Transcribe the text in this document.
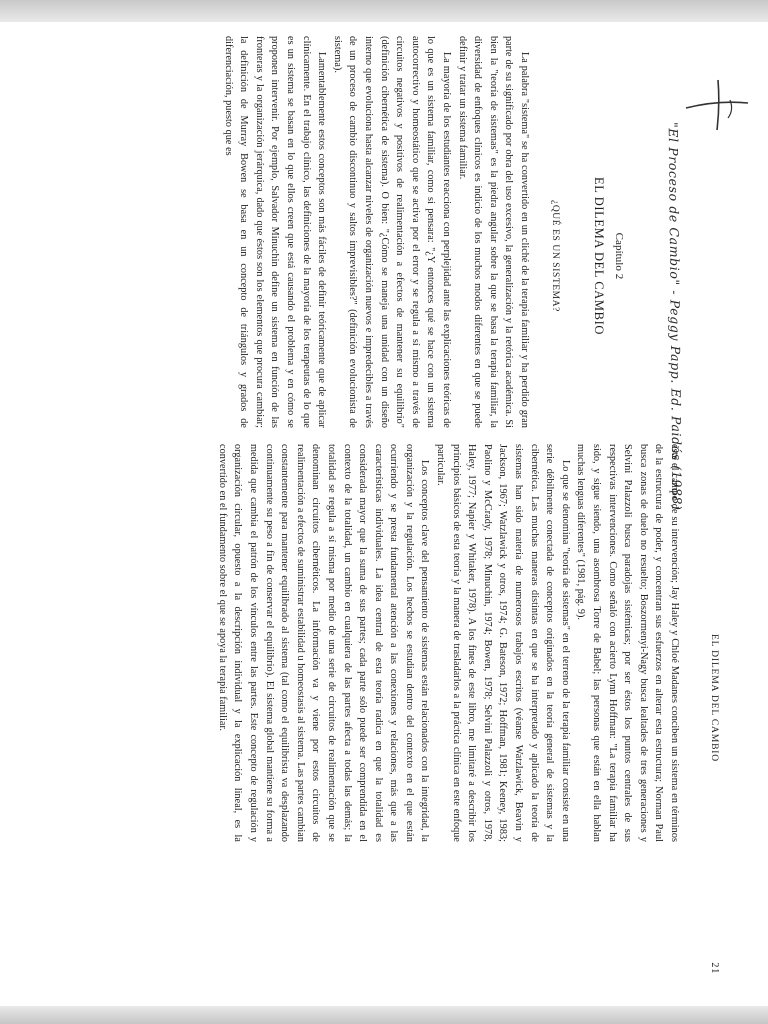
"El Proceso de Cambio" - Peggy Papp. Ed. Paidós (1988)
Capítulo 2
EL DILEMA DEL CAMBIO
¿QUÉ ES UN SISTEMA?

La palabra "sistema" se ha convertido en un cliché de la terapia familiar y ha perdido gran parte de su significado por obra del uso excesivo, la generalización y la retórica académica. Si bien la "teoría de sistemas" es la piedra angular sobre la que se basa la terapia familiar, la diversidad de enfoques clínicos es indicio de los muchos modos diferentes en que se puede definir y tratar un sistema familiar.

La mayoría de los estudiantes reacciona con perplejidad ante las explicaciones teóricas de lo que es un sistema familiar, como si pensara: "¿Y entonces qué se hace con un sistema autocorrectivo y homeostático que se activa por el error y se regula a sí mismo a través de circuitos negativos y positivos de realimentación a efectos de mantener su equilibrio" (definición cibernética de sistema). O bien: "¿Cómo se maneja una unidad con un diseño interno que evoluciona hasta alcanzar niveles de organización nuevos e impredecibles a través de un proceso de cambio discontinuo y saltos imprevisibles?" (definición evolucionista de sistema).

Lamentablemente estos conceptos son más fáciles de definir teóricamente que de aplicar clínicamente. En el trabajo clínico, las definiciones de la mayoría de los terapeutas de lo que es un sistema se basan en lo que ellos creen que está causando el problema y en cómo se proponen intervenir. Por ejemplo, Salvador Minuchin define un sistema en función de las fronteras y la organización jerárquica, dado que éstos son los elementos que procura cambiar; la definición de Murray Bowen se basa en un concepto de triángulos y grados de diferenciación, puesto que es

EL DILEMA DEL CAMBIO
21

éste el campo de su intervención; Jay Haley y Chloé Madanes conciben un sistema en términos de la estructura de poder, y concentran sus esfuerzos en alterar esta estructura; Norman Paul busca zonas de duelo no resuelto; Boszormenyi-Nagy busca lealtades de tres generaciones y Selvini Palazzoli busca paradojas sistémicas; por ser éstos los puntos centrales de sus respectivas intervenciones. Como señaló con acierto Lynn Hoffman: "La terapia familiar ha sido, y sigue siendo, una asombrosa Torre de Babel; las personas que están en ella hablan muchas lenguas diferentes" (1981, pág. 9).

Lo que se denomina "teoría de sistemas" en el terreno de la terapia familiar consiste en una serie débilmente conectada de conceptos originados en la teoría general de sistemas y la cibernética. Las muchas maneras distintas en que se ha interpretado y aplicado la teoría de sistemas han sido materia de numerosos trabajos escritos (véanse Watzlawick, Beavin y Jackson, 1967; Watzlawick y otros, 1974; G. Bateson, 1972; Hoffman, 1981; Keeney, 1983; Paolino y McCrady, 1978; Minuchin, 1974; Bowen, 1978; Selvini Palazzoli y otros, 1978, Haley, 1977; Napier y Whitaker, 1978). A los fines de este libro, me limitaré a describir los principios básicos de esta teoría y la manera de trasladarlos a la práctica clínica en este enfoque particular.

Los conceptos clave del pensamiento de sistemas están relacionados con la integridad, la organización y la regulación. Los hechos se estudian dentro del contexto en el que están ocurriendo y se presta fundamental atención a las conexiones y relaciones, más que a las características individuales. La idea central de esta teoría radica en que la totalidad es considerada mayor que la suma de sus partes; cada parte sólo puede ser comprendida en el contexto de la totalidad, un cambio en cualquiera de las partes afecta a todas las demás; la totalidad se regula a sí misma por medio de una serie de circuitos de realimentación que se denominan circuitos cibernéticos. La información va y viene por estos circuitos de realimentación a efectos de suministrar estabilidad u homeostasis al sistema. Las partes cambian constantemente para mantener equilibrado al sistema (tal como el equilibrista va desplazando continuamente su peso a fin de conservar el equilibrio). El sistema global mantiene su forma a medida que cambia el patrón de los vínculos entre las partes. Este concepto de regulación y organización circular, opuesto a la descripción individual y la explicación lineal, es la convertido en el fundamento sobre el que se apoya la terapia familiar.
